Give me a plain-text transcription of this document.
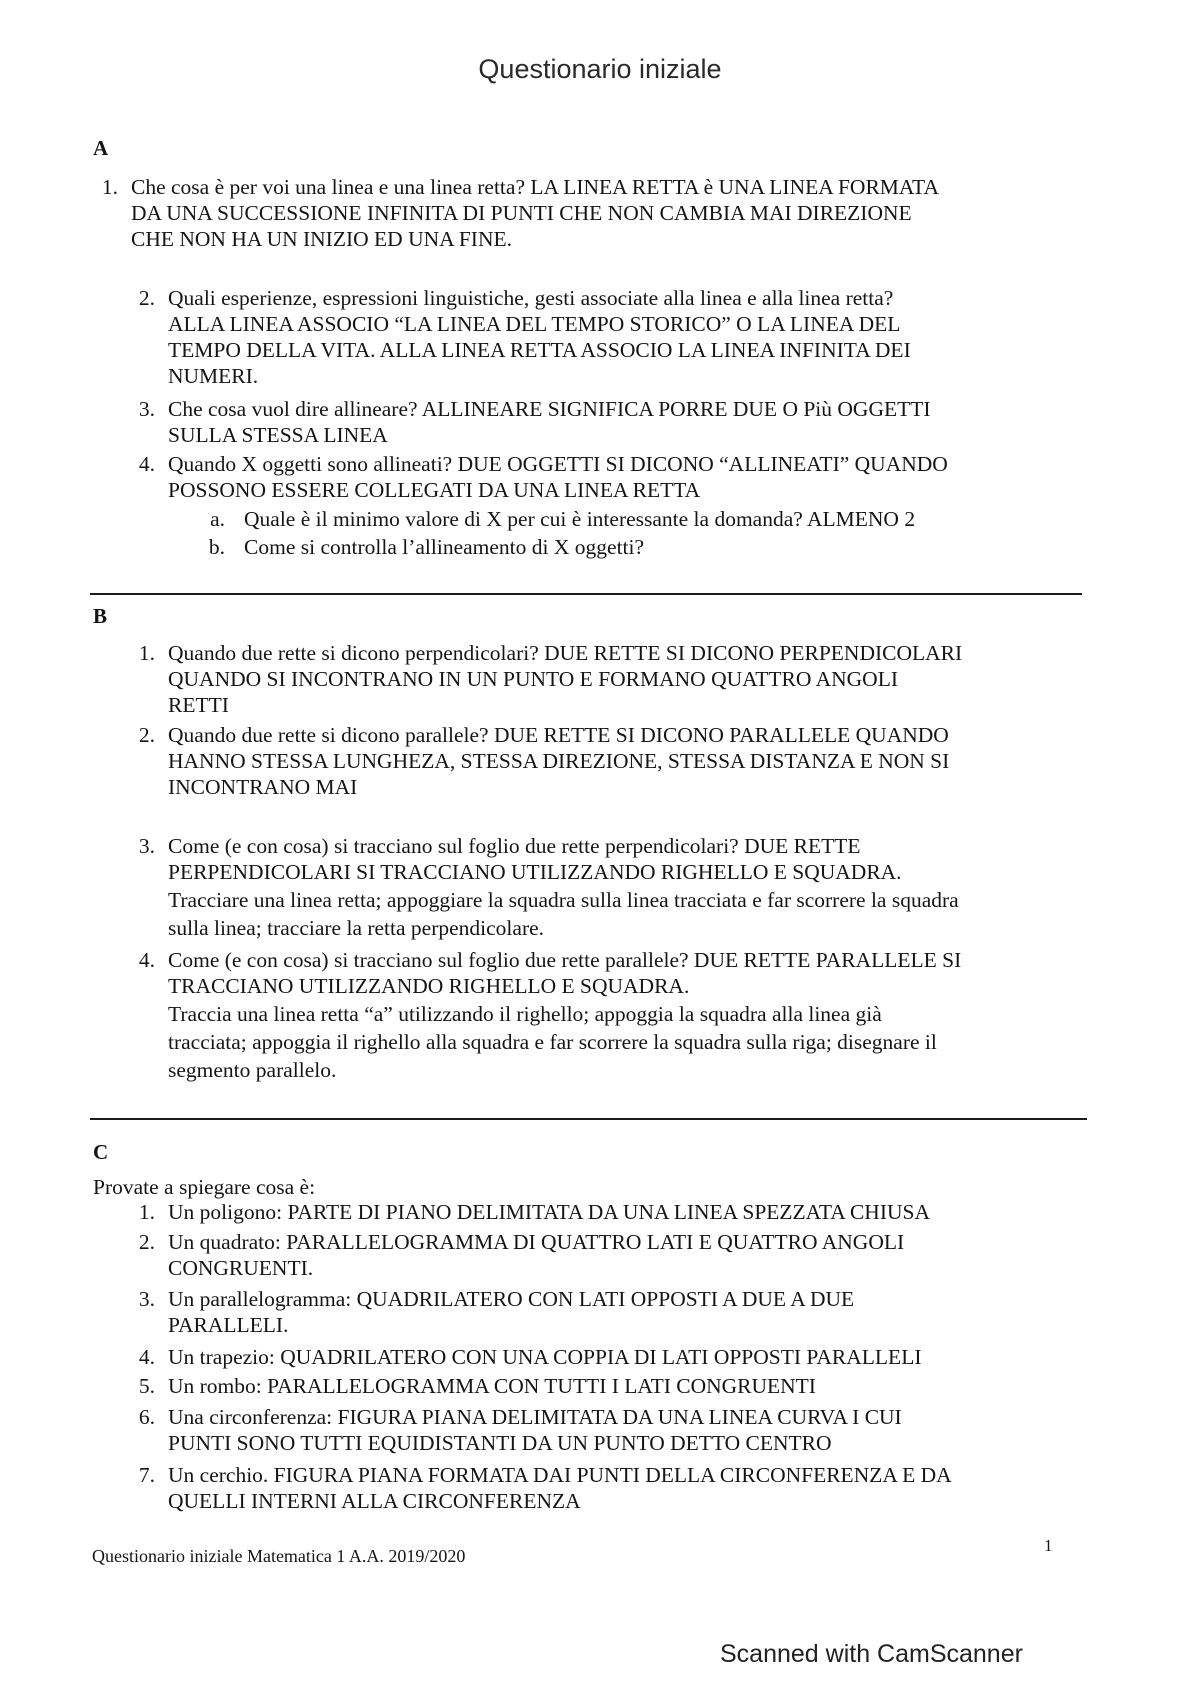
Questionario iniziale
A
1. Che cosa è per voi una linea e una linea retta? LA LINEA RETTA è UNA LINEA FORMATA
DA UNA SUCCESSIONE INFINITA DI PUNTI CHE NON CAMBIA MAI DIREZIONE
CHE NON HA UN INIZIO ED UNA FINE.
2. Quali esperienze, espressioni linguistiche, gesti associate alla linea e alla linea retta?
ALLA LINEA ASSOCIO “LA LINEA DEL TEMPO STORICO” O LA LINEA DEL
TEMPO DELLA VITA. ALLA LINEA RETTA ASSOCIO LA LINEA INFINITA DEI
NUMERI.
3. Che cosa vuol dire allineare? ALLINEARE SIGNIFICA PORRE DUE O Più OGGETTI
SULLA STESSA LINEA
4. Quando X oggetti sono allineati? DUE OGGETTI SI DICONO “ALLINEATI” QUANDO
POSSONO ESSERE COLLEGATI DA UNA LINEA RETTA
a. Quale è il minimo valore di X per cui è interessante la domanda? ALMENO 2
b. Come si controlla l’allineamento di X oggetti?
B
1. Quando due rette si dicono perpendicolari? DUE RETTE SI DICONO PERPENDICOLARI
QUANDO SI INCONTRANO IN UN PUNTO E FORMANO QUATTRO ANGOLI
RETTI
2. Quando due rette si dicono parallele? DUE RETTE SI DICONO PARALLELE QUANDO
HANNO STESSA LUNGHEZA, STESSA DIREZIONE, STESSA DISTANZA E NON SI
INCONTRANO MAI
3. Come (e con cosa) si tracciano sul foglio due rette perpendicolari? DUE RETTE
PERPENDICOLARI SI TRACCIANO UTILIZZANDO RIGHELLO E SQUADRA.
Tracciare una linea retta; appoggiare la squadra sulla linea tracciata e far scorrere la squadra
sulla linea; tracciare la retta perpendicolare.
4. Come (e con cosa) si tracciano sul foglio due rette parallele? DUE RETTE PARALLELE SI
TRACCIANO UTILIZZANDO RIGHELLO E SQUADRA.
Traccia una linea retta “a” utilizzando il righello; appoggia la squadra alla linea già
tracciata; appoggia il righello alla squadra e far scorrere la squadra sulla riga; disegnare il
segmento parallelo.
C
Provate a spiegare cosa è:
1. Un poligono: PARTE DI PIANO DELIMITATA DA UNA LINEA SPEZZATA CHIUSA
2. Un quadrato: PARALLELOGRAMMA DI QUATTRO LATI E QUATTRO ANGOLI
CONGRUENTI.
3. Un parallelogramma: QUADRILATERO CON LATI OPPOSTI A DUE A DUE
PARALLELI.
4. Un trapezio: QUADRILATERO CON UNA COPPIA DI LATI OPPOSTI PARALLELI
5. Un rombo: PARALLELOGRAMMA CON TUTTI I LATI CONGRUENTI
6. Una circonferenza: FIGURA PIANA DELIMITATA DA UNA LINEA CURVA I CUI
PUNTI SONO TUTTI EQUIDISTANTI DA UN PUNTO DETTO CENTRO
7. Un cerchio. FIGURA PIANA FORMATA DAI PUNTI DELLA CIRCONFERENZA E DA
QUELLI INTERNI ALLA CIRCONFERENZA
Questionario iniziale Matematica 1 A.A. 2019/2020
1
Scanned with CamScanner
